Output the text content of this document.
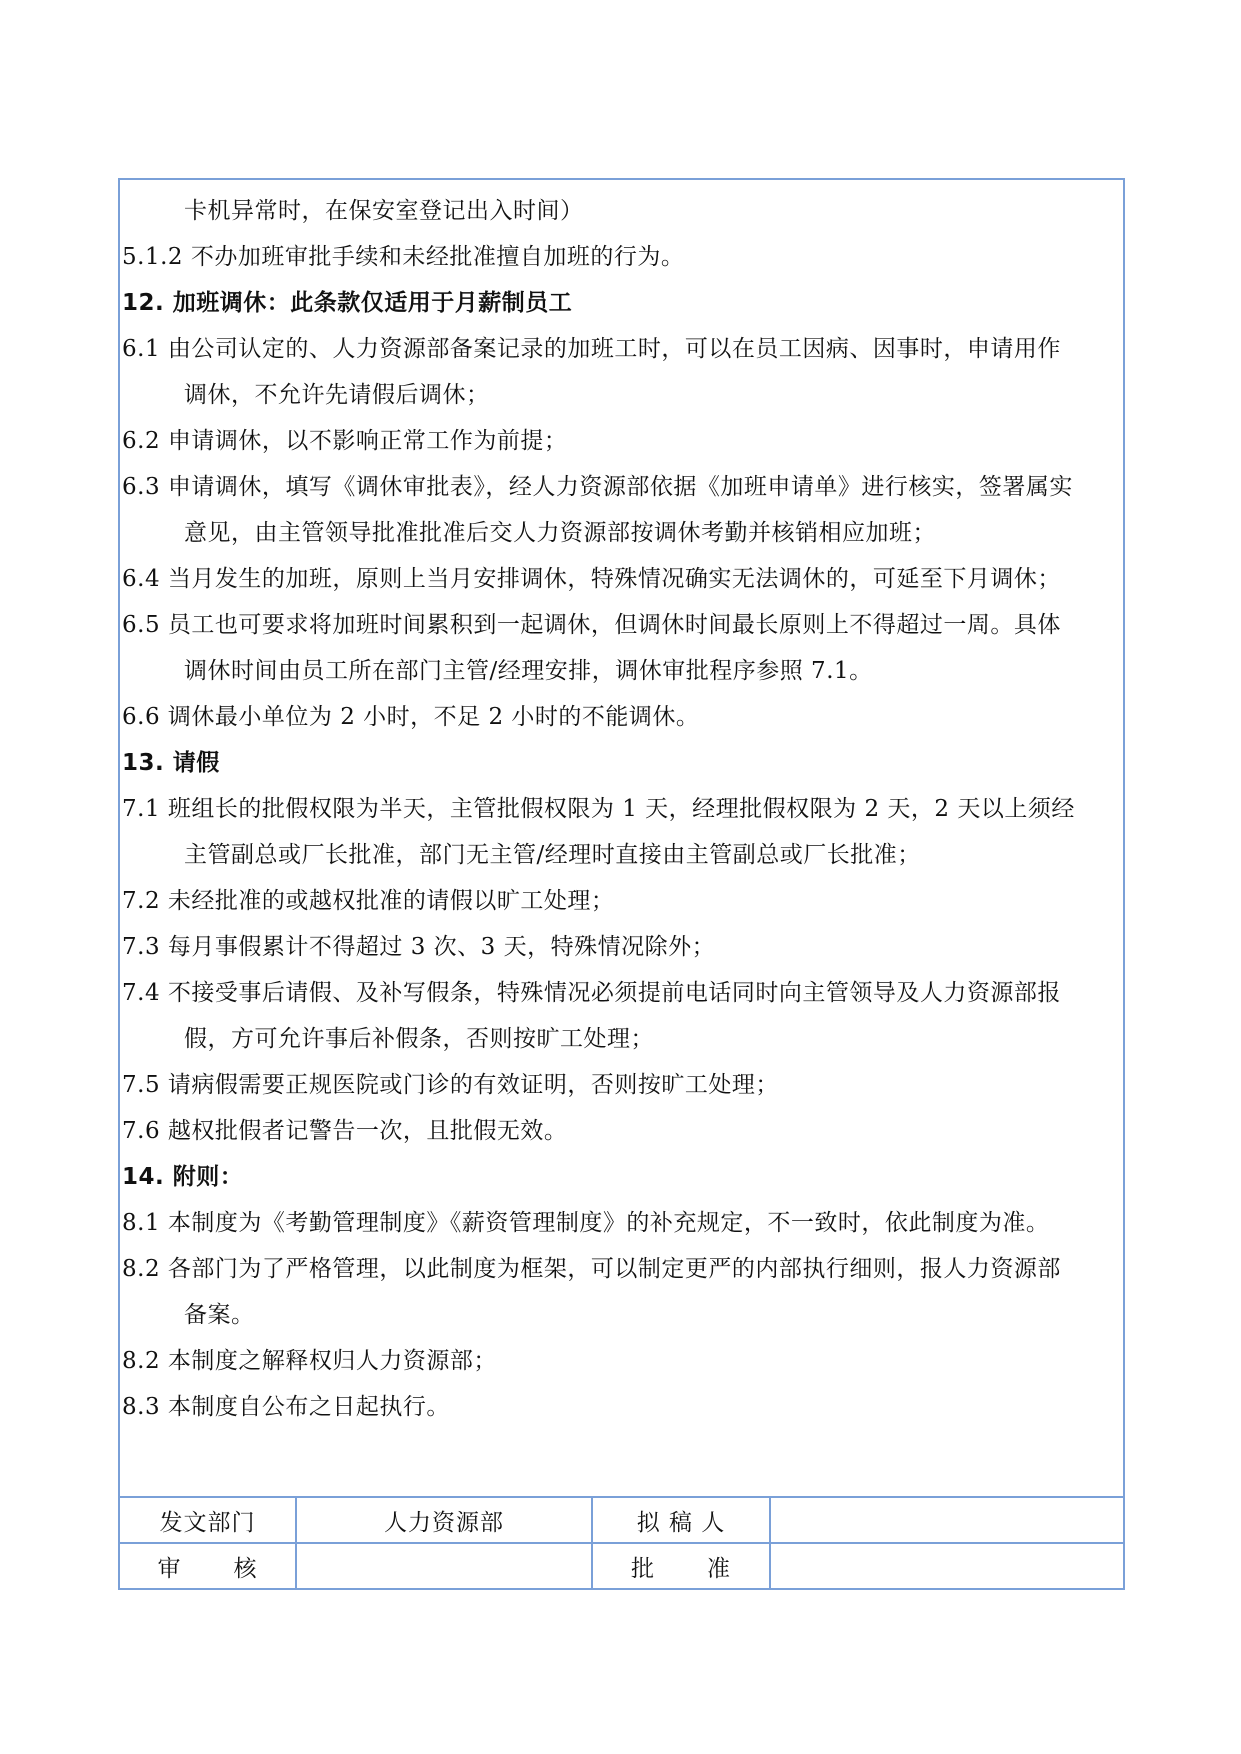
卡机异常时，在保安室登记出入时间）
5.1.2 不办加班审批手续和未经批准擅自加班的行为。
12. 加班调休：此条款仅适用于月薪制员工
6.1 由公司认定的、人力资源部备案记录的加班工时，可以在员工因病、因事时，申请用作
调休，不允许先请假后调休；
6.2 申请调休，以不影响正常工作为前提；
6.3 申请调休，填写《调休审批表》，经人力资源部依据《加班申请单》进行核实，签署属实
意见，由主管领导批准批准后交人力资源部按调休考勤并核销相应加班；
6.4 当月发生的加班，原则上当月安排调休，特殊情况确实无法调休的，可延至下月调休；
6.5 员工也可要求将加班时间累积到一起调休，但调休时间最长原则上不得超过一周。具体
调休时间由员工所在部门主管/经理安排，调休审批程序参照 7.1。
6.6 调休最小单位为 2 小时，不足 2 小时的不能调休。
13. 请假
7.1 班组长的批假权限为半天，主管批假权限为 1 天，经理批假权限为 2 天，2 天以上须经
主管副总或厂长批准，部门无主管/经理时直接由主管副总或厂长批准；
7.2 未经批准的或越权批准的请假以旷工处理；
7.3 每月事假累计不得超过 3 次、3 天，特殊情况除外；
7.4 不接受事后请假、及补写假条，特殊情况必须提前电话同时向主管领导及人力资源部报
假，方可允许事后补假条，否则按旷工处理；
7.5 请病假需要正规医院或门诊的有效证明，否则按旷工处理；
7.6 越权批假者记警告一次，且批假无效。
14. 附则：
8.1 本制度为《考勤管理制度》《薪资管理制度》的补充规定，不一致时，依此制度为准。
8.2 各部门为了严格管理，以此制度为框架，可以制定更严的内部执行细则，报人力资源部
备案。
8.2 本制度之解释权归人力资源部；
8.3 本制度自公布之日起执行。
发文部门	人力资源部	拟 稿 人	
审 核		批 准	
